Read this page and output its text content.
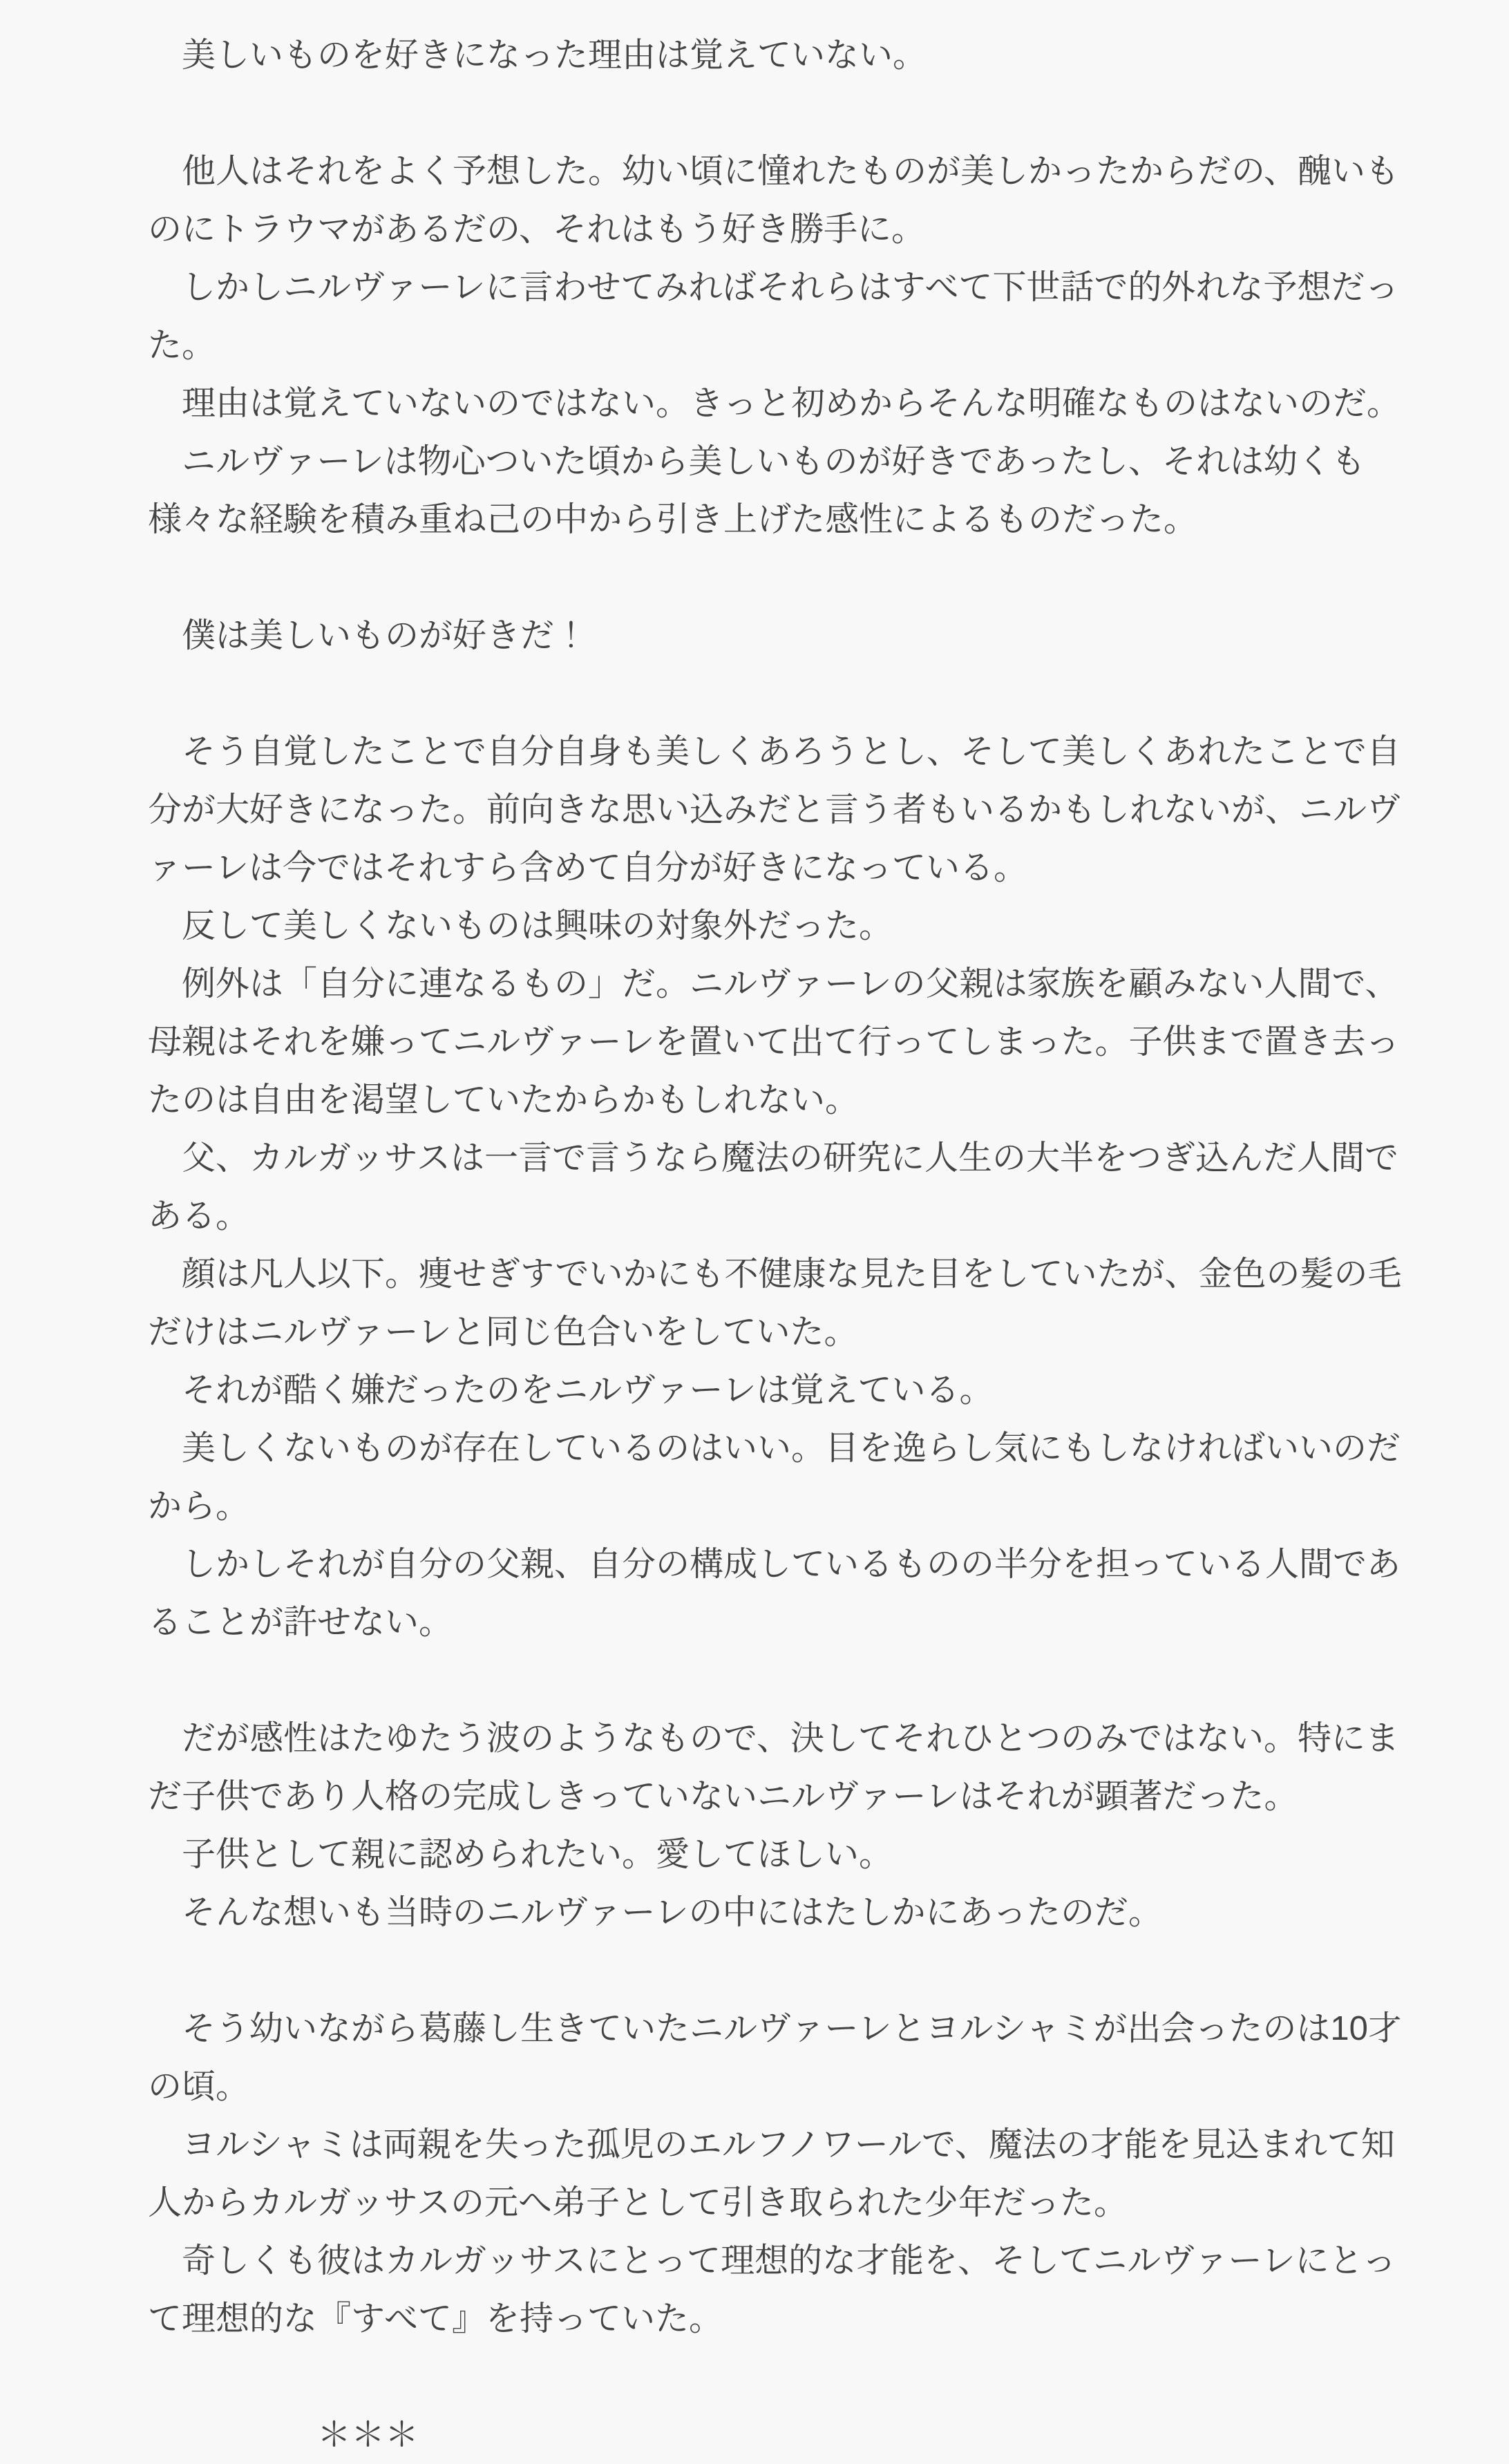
　美しいものを好きになった理由は覚えていない。
　他人はそれをよく予想した。幼い頃に憧れたものが美しかったからだの、醜いも
のにトラウマがあるだの、それはもう好き勝手に。
　しかしニルヴァーレに言わせてみればそれらはすべて下世話で的外れな予想だっ
た。
　理由は覚えていないのではない。きっと初めからそんな明確なものはないのだ。
　ニルヴァーレは物心ついた頃から美しいものが好きであったし、それは幼くも
様々な経験を積み重ね己の中から引き上げた感性によるものだった。
　僕は美しいものが好きだ！
　そう自覚したことで自分自身も美しくあろうとし、そして美しくあれたことで自
分が大好きになった。前向きな思い込みだと言う者もいるかもしれないが、ニルヴ
ァーレは今ではそれすら含めて自分が好きになっている。
　反して美しくないものは興味の対象外だった。
　例外は「自分に連なるもの」だ。ニルヴァーレの父親は家族を顧みない人間で、
母親はそれを嫌ってニルヴァーレを置いて出て行ってしまった。子供まで置き去っ
たのは自由を渇望していたからかもしれない。
　父、カルガッサスは一言で言うなら魔法の研究に人生の大半をつぎ込んだ人間で
ある。
　顔は凡人以下。痩せぎすでいかにも不健康な見た目をしていたが、金色の髪の毛
だけはニルヴァーレと同じ色合いをしていた。
　それが酷く嫌だったのをニルヴァーレは覚えている。
　美しくないものが存在しているのはいい。目を逸らし気にもしなければいいのだ
から。
　しかしそれが自分の父親、自分の構成しているものの半分を担っている人間であ
ることが許せない。
　だが感性はたゆたう波のようなもので、決してそれひとつのみではない。特にま
だ子供であり人格の完成しきっていないニルヴァーレはそれが顕著だった。
　子供として親に認められたい。愛してほしい。
　そんな想いも当時のニルヴァーレの中にはたしかにあったのだ。
　そう幼いながら葛藤し生きていたニルヴァーレとヨルシャミが出会ったのは10才
の頃。
　ヨルシャミは両親を失った孤児のエルフノワールで、魔法の才能を見込まれて知
人からカルガッサスの元へ弟子として引き取られた少年だった。
　奇しくも彼はカルガッサスにとって理想的な才能を、そしてニルヴァーレにとっ
て理想的な『すべて』を持っていた。
　　　　　＊＊＊
